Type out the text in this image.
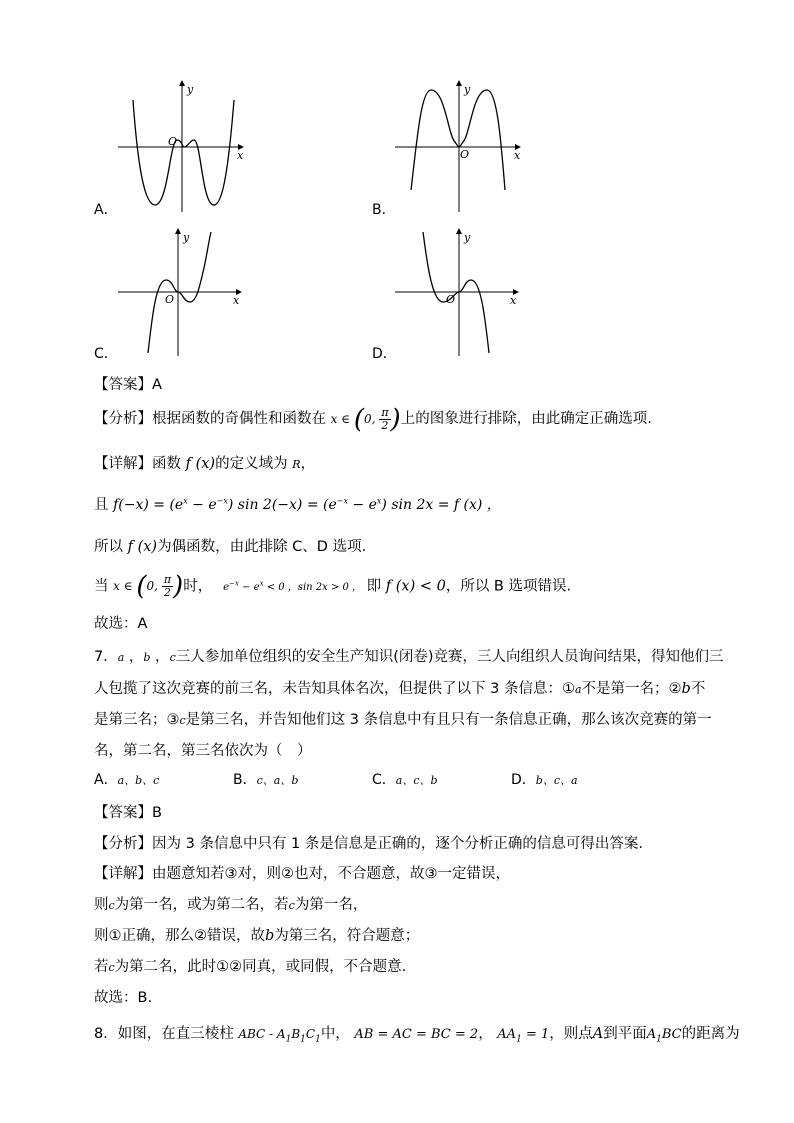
O
x
y
A．
O	x
y
B．
O	x
y
C．
O	x
y
D．
【答案】A
【分析】根据函数的奇偶性和函数在 x ∈ (0, $\frac{\pi}{2}$ )上的图象进行排除，由此确定正确选项.
【详解】函数 f (x)的定义域为 R，
且 $f(-x) = (e^x - e^{-x})$ $\sin 2(-x) = (e^{-x} - e^x)$ sin 2x = f (x) ，
所以 f (x)为偶函数，由此排除 C、D 选项.
当 x ∈ (0, $\frac{\pi}{2}$ )时，   $e^{-x} - e^x < 0$ ，sin 2x > 0 ， 即 f (x) < 0，所以 B 选项错误.
故选：A
7．a ，b ，c三人参加单位组织的安全生产知识(闭卷)竞赛，三人向组织人员询问结果，得知他们三
人包揽了这次竞赛的前三名，未告知具体名次，但提供了以下 3 条信息：①a不是第一名；②b不
是第三名；③c是第三名，并告知他们这 3 条信息中有且只有一条信息正确，那么该次竞赛的第一
名，第二名，第三名依次为（　）
A．a、b、c	B．c、a、b	C．a、c、b	D．b、c、a
【答案】B
【分析】因为 3 条信息中只有 1 条是信息是正确的，逐个分析正确的信息可得出答案.
【详解】由题意知若③对，则②也对，不合题意，故③一定错误，
则c为第一名，或为第二名，若c为第一名，
则①正确，那么②错误，故b为第三名，符合题意；
若c为第二名，此时①②同真，或同假，不合题意.
故选：B.
8．如图，在直三棱柱 ABC - $A_1B_1C_1$中， AB = AC = BC = 2， $AA_1 = 1$，则点A到平面$A_1BC$的距离为
